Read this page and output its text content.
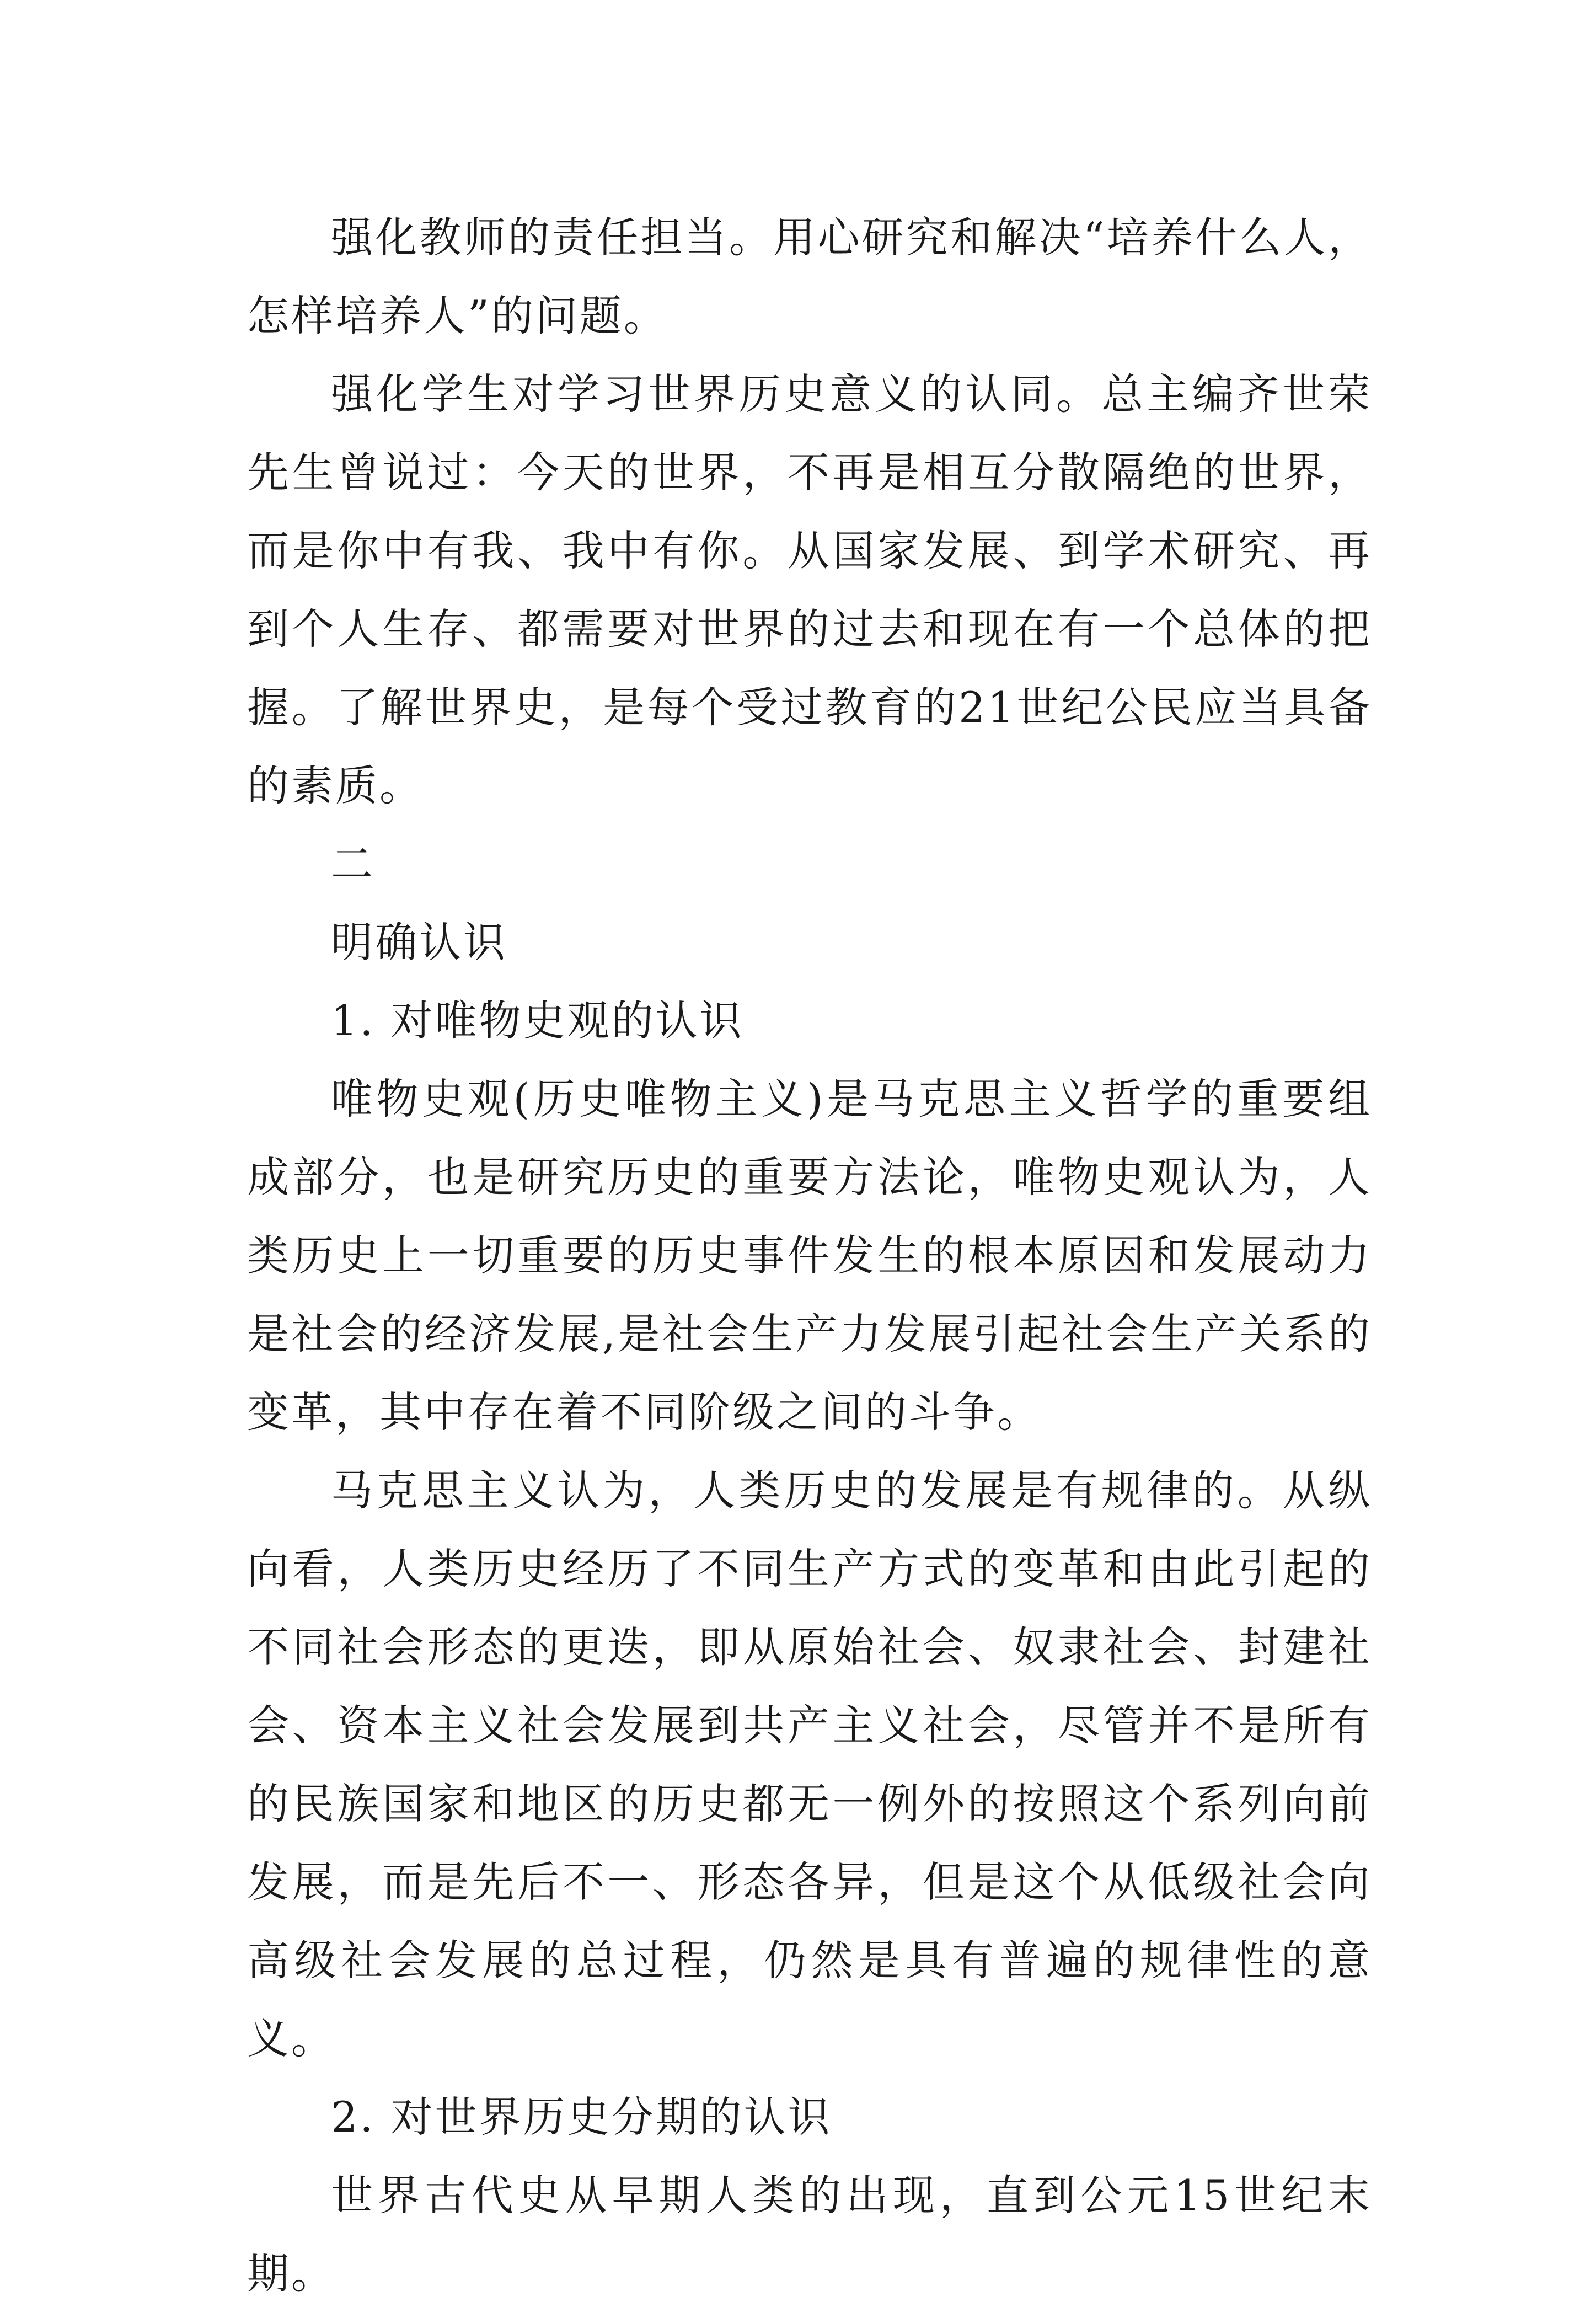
强化教师的责任担当。用心研究和解决“培养什么人，怎样培养人”的问题。

强化学生对学习世界历史意义的认同。总主编齐世荣先生曾说过：今天的世界，不再是相互分散隔绝的世界，而是你中有我、我中有你。从国家发展、到学术研究、再到个人生存、都需要对世界的过去和现在有一个总体的把握。了解世界史，是每个受过教育的21世纪公民应当具备的素质。

二

明确认识

1. 对唯物史观的认识

唯物史观(历史唯物主义)是马克思主义哲学的重要组成部分，也是研究历史的重要方法论，唯物史观认为，人类历史上一切重要的历史事件发生的根本原因和发展动力是社会的经济发展,是社会生产力发展引起社会生产关系的变革，其中存在着不同阶级之间的斗争。

马克思主义认为，人类历史的发展是有规律的。从纵向看，人类历史经历了不同生产方式的变革和由此引起的不同社会形态的更迭，即从原始社会、奴隶社会、封建社会、资本主义社会发展到共产主义社会，尽管并不是所有的民族国家和地区的历史都无一例外的按照这个系列向前发展，而是先后不一、形态各异，但是这个从低级社会向高级社会发展的总过程，仍然是具有普遍的规律性的意义。

2. 对世界历史分期的认识

世界古代史从早期人类的出现，直到公元15世纪末期。
